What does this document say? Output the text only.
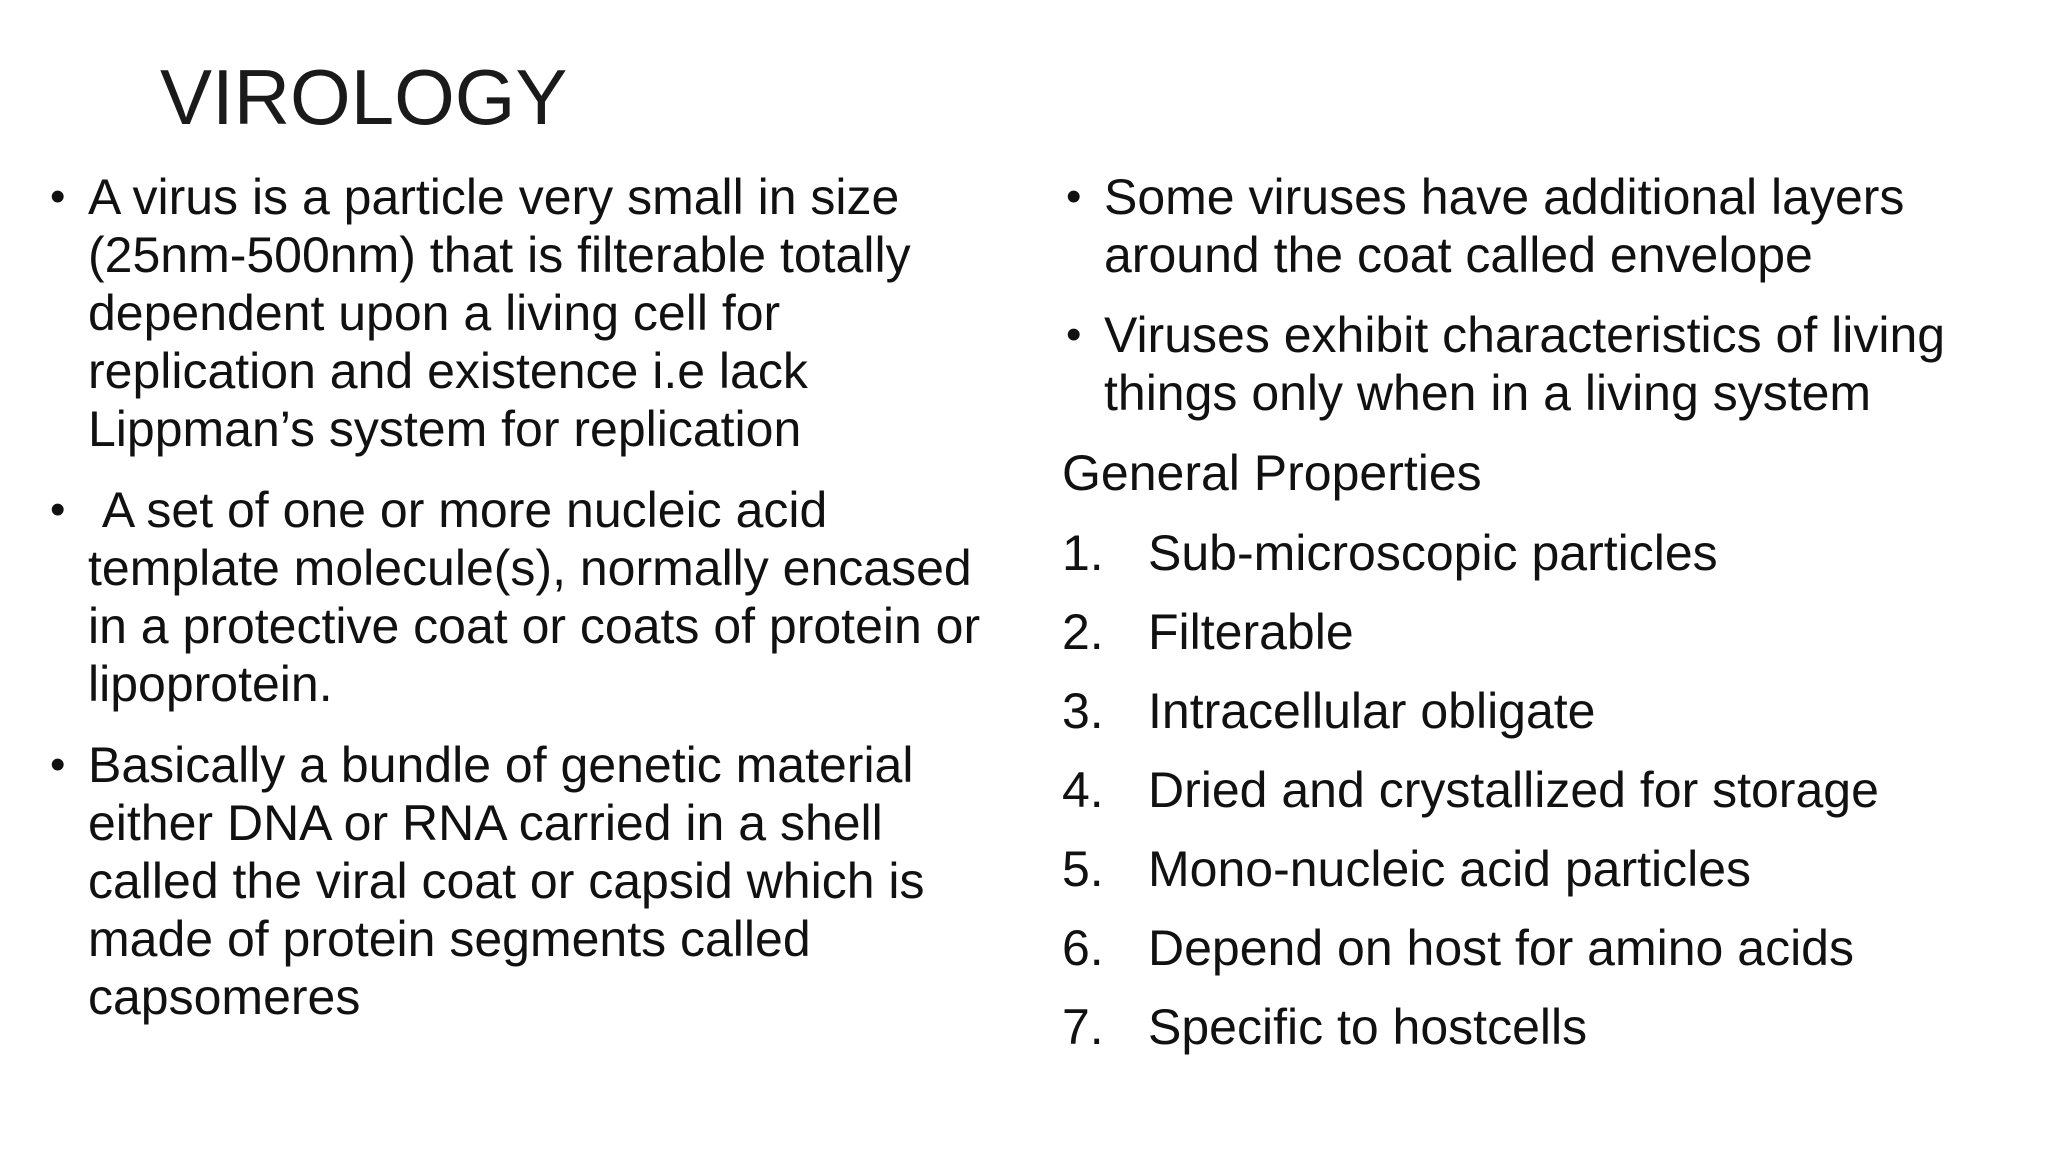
VIROLOGY
• A virus is a particle very small in size (25nm-500nm) that is filterable totally dependent upon a living cell for replication and existence i.e lack Lippman’s system for replication
• A set of one or more nucleic acid template molecule(s), normally encased in a protective coat or coats of protein or lipoprotein.
• Basically a bundle of genetic material either DNA or RNA carried in a shell called the viral coat or capsid which is made of protein segments called capsomeres
• Some viruses have additional layers around the coat called envelope
• Viruses exhibit characteristics of living things only when in a living system
General Properties
1. Sub-microscopic particles
2. Filterable
3. Intracellular obligate
4. Dried and crystallized for storage
5. Mono-nucleic acid particles
6. Depend on host for amino acids
7. Specific to hostcells
